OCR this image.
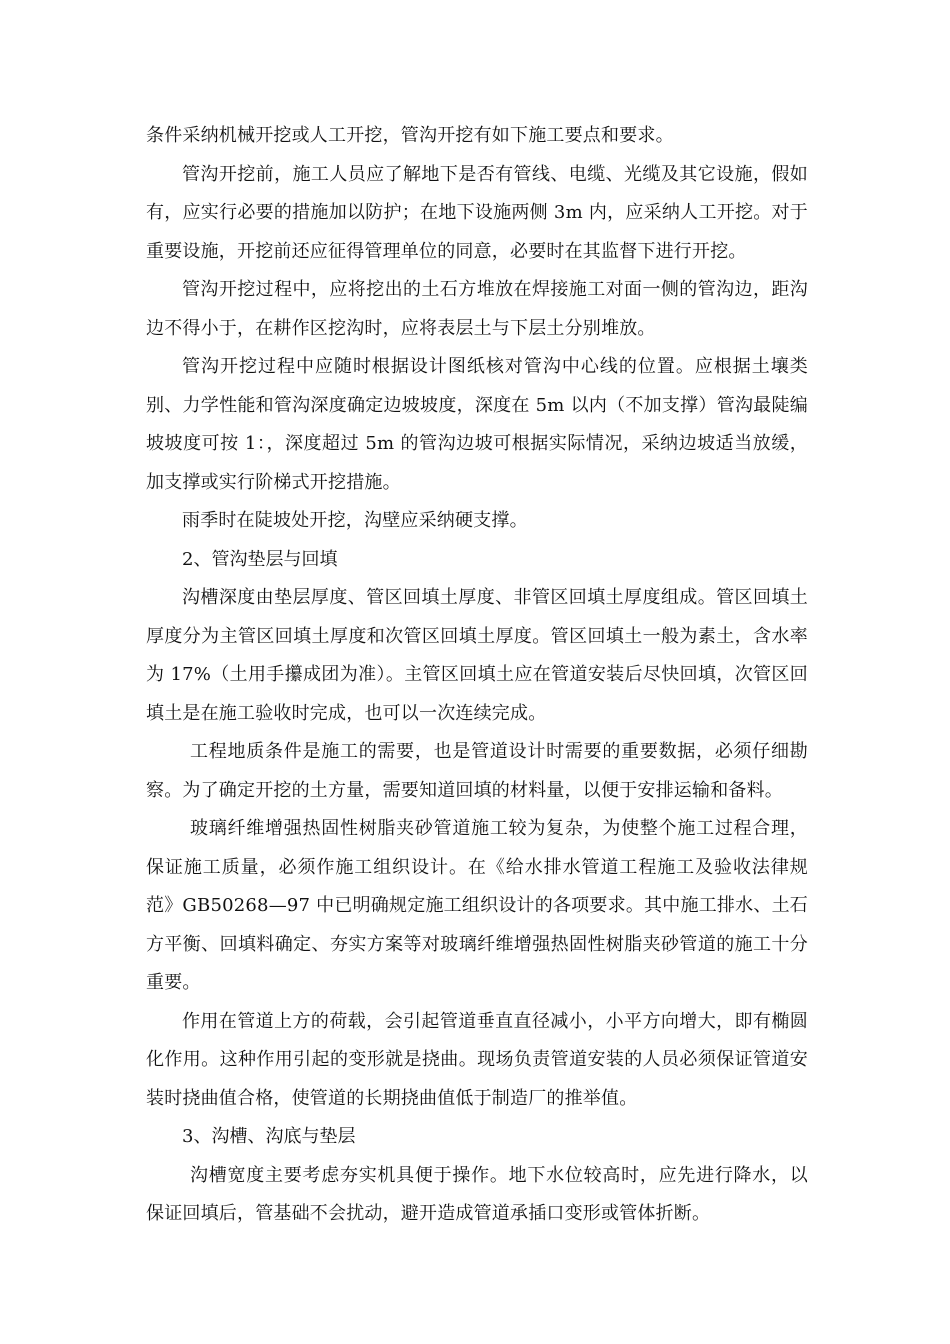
条件采纳机械开挖或人工开挖，管沟开挖有如下施工要点和要求。

管沟开挖前，施工人员应了解地下是否有管线、电缆、光缆及其它设施，假如有，应实行必要的措施加以防护；在地下设施两侧 3m 内，应采纳人工开挖。对于重要设施，开挖前还应征得管理单位的同意，必要时在其监督下进行开挖。

管沟开挖过程中，应将挖出的土石方堆放在焊接施工对面一侧的管沟边，距沟边不得小于，在耕作区挖沟时，应将表层土与下层土分别堆放。

管沟开挖过程中应随时根据设计图纸核对管沟中心线的位置。应根据土壤类别、力学性能和管沟深度确定边坡坡度，深度在 5m 以内（不加支撑）管沟最陡编坡坡度可按 1：，深度超过 5m 的管沟边坡可根据实际情况，采纳边坡适当放缓，加支撑或实行阶梯式开挖措施。

雨季时在陡坡处开挖，沟壁应采纳硬支撑。

2、管沟垫层与回填

沟槽深度由垫层厚度、管区回填土厚度、非管区回填土厚度组成。管区回填土厚度分为主管区回填土厚度和次管区回填土厚度。管区回填土一般为素土，含水率为 17%（土用手攥成团为准）。主管区回填土应在管道安装后尽快回填，次管区回填土是在施工验收时完成，也可以一次连续完成。

工程地质条件是施工的需要，也是管道设计时需要的重要数据，必须仔细勘察。为了确定开挖的土方量，需要知道回填的材料量，以便于安排运输和备料。

玻璃纤维增强热固性树脂夹砂管道施工较为复杂，为使整个施工过程合理，保证施工质量，必须作施工组织设计。在《给水排水管道工程施工及验收法律规范》GB50268—97 中已明确规定施工组织设计的各项要求。其中施工排水、土石方平衡、回填料确定、夯实方案等对玻璃纤维增强热固性树脂夹砂管道的施工十分重要。

作用在管道上方的荷载，会引起管道垂直直径减小，小平方向增大，即有椭圆化作用。这种作用引起的变形就是挠曲。现场负责管道安装的人员必须保证管道安装时挠曲值合格，使管道的长期挠曲值低于制造厂的推举值。

3、沟槽、沟底与垫层

沟槽宽度主要考虑夯实机具便于操作。地下水位较高时，应先进行降水，以保证回填后，管基础不会扰动，避开造成管道承插口变形或管体折断。
